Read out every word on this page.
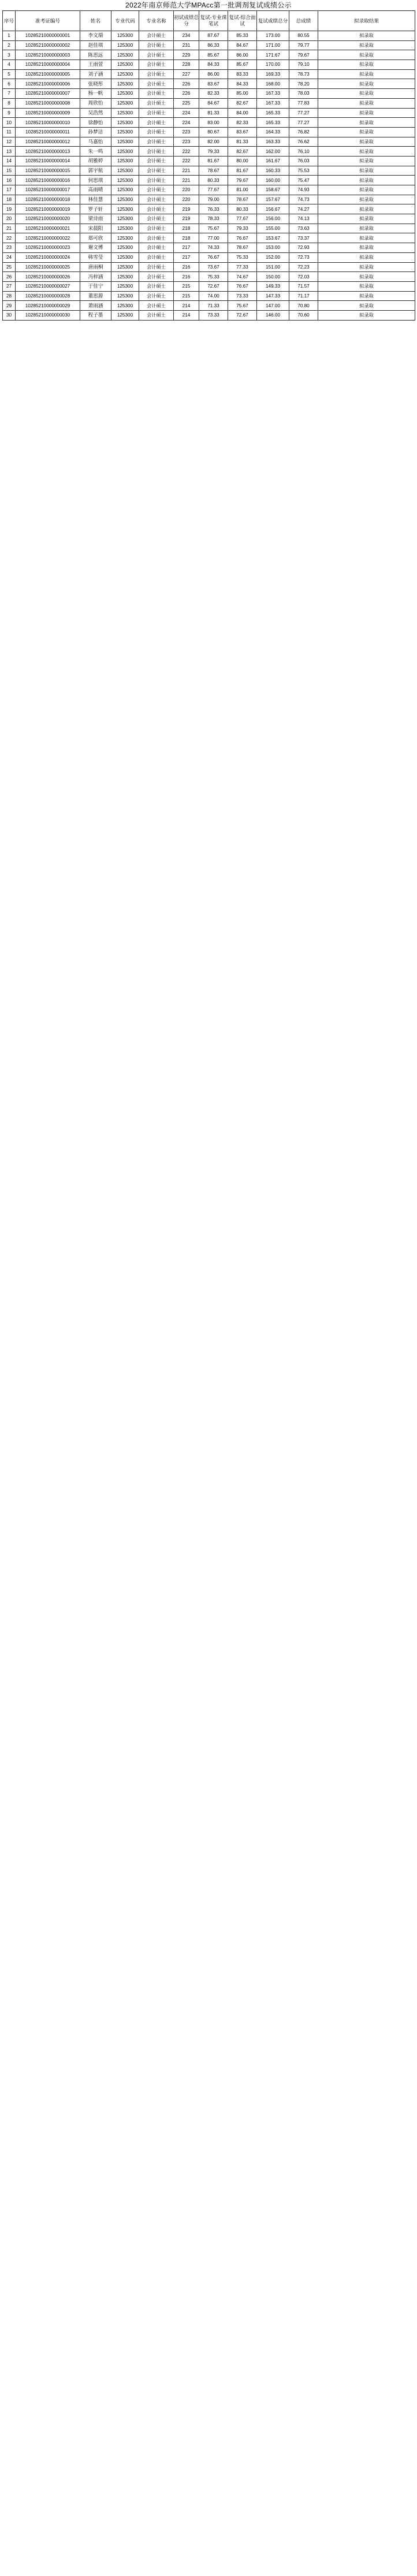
2022年南京师范大学MPAcc第一批调剂复试成绩公示
序号	准考证编号	姓名	专业代码	专业名称	初试成绩总分	复试-专业课笔试	复试-综合面试	复试成绩总分	总成绩	拟录取结果
1	10285210000000001	李文瑞	125300	会计硕士	234	87.67	85.33	173.00	80.55	拟录取
2	10285210000000002	赵佳琪	125300	会计硕士	231	86.33	84.67	171.00	79.77	拟录取
3	10285210000000003	陈思远	125300	会计硕士	229	85.67	86.00	171.67	79.67	拟录取
4	10285210000000004	王雨萱	125300	会计硕士	228	84.33	85.67	170.00	79.10	拟录取
5	10285210000000005	刘子涵	125300	会计硕士	227	86.00	83.33	169.33	78.73	拟录取
6	10285210000000006	张晓彤	125300	会计硕士	226	83.67	84.33	168.00	78.20	拟录取
7	10285210000000007	杨一帆	125300	会计硕士	226	82.33	85.00	167.33	78.03	拟录取
8	10285210000000008	周欣怡	125300	会计硕士	225	84.67	82.67	167.33	77.83	拟录取
9	10285210000000009	吴浩然	125300	会计硕士	224	81.33	84.00	165.33	77.27	拟录取
10	10285210000000010	徐静怡	125300	会计硕士	224	83.00	82.33	165.33	77.27	拟录取
11	10285210000000011	孙梦洁	125300	会计硕士	223	80.67	83.67	164.33	76.82	拟录取
12	10285210000000012	马嘉怡	125300	会计硕士	223	82.00	81.33	163.33	76.62	拟录取
13	10285210000000013	朱一鸣	125300	会计硕士	222	79.33	82.67	162.00	76.10	拟录取
14	10285210000000014	胡雅婷	125300	会计硕士	222	81.67	80.00	161.67	76.03	拟录取
15	10285210000000015	郭宇航	125300	会计硕士	221	78.67	81.67	160.33	75.53	拟录取
16	10285210000000016	何思琪	125300	会计硕士	221	80.33	79.67	160.00	75.47	拟录取
17	10285210000000017	高雨晴	125300	会计硕士	220	77.67	81.00	158.67	74.93	拟录取
18	10285210000000018	林佳慧	125300	会计硕士	220	79.00	78.67	157.67	74.73	拟录取
19	10285210000000019	罗子轩	125300	会计硕士	219	76.33	80.33	156.67	74.27	拟录取
20	10285210000000020	梁诗雨	125300	会计硕士	219	78.33	77.67	156.00	74.13	拟录取
21	10285210000000021	宋晨阳	125300	会计硕士	218	75.67	79.33	155.00	73.63	拟录取
22	10285210000000022	郑可欣	125300	会计硕士	218	77.00	76.67	153.67	73.37	拟录取
23	10285210000000023	谢文博	125300	会计硕士	217	74.33	78.67	153.00	72.93	拟录取
24	10285210000000024	韩雪莹	125300	会计硕士	217	76.67	75.33	152.00	72.73	拟录取
25	10285210000000025	唐雨桐	125300	会计硕士	216	73.67	77.33	151.00	72.23	拟录取
26	10285210000000026	冯梓涵	125300	会计硕士	216	75.33	74.67	150.00	72.03	拟录取
27	10285210000000027	于佳宁	125300	会计硕士	215	72.67	76.67	149.33	71.57	拟录取
28	10285210000000028	董思源	125300	会计硕士	215	74.00	73.33	147.33	71.17	拟录取
29	10285210000000029	萧雨涵	125300	会计硕士	214	71.33	75.67	147.00	70.80	拟录取
30	10285210000000030	程子墨	125300	会计硕士	214	73.33	72.67	146.00	70.60	拟录取
